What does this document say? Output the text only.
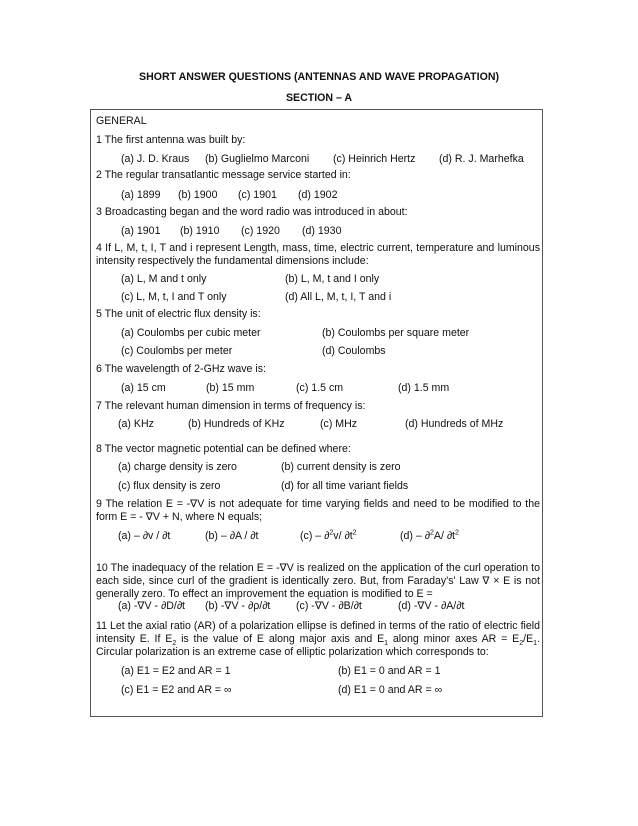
SHORT ANSWER QUESTIONS (ANTENNAS AND WAVE PROPAGATION)
SECTION – A
GENERAL
1 The first antenna was built by:
(a) J. D. Kraus (b) Guglielmo Marconi (c) Heinrich Hertz (d) R. J. Marhefka
2 The regular transatlantic message service started in:
(a) 1899 (b) 1900 (c) 1901 (d) 1902
3 Broadcasting began and the word radio was introduced in about:
(a) 1901 (b) 1910 (c) 1920 (d) 1930
4 If L, M, t, I, T and i represent Length, mass, time, electric current, temperature and luminous intensity respectively the fundamental dimensions include:
(a) L, M and t only	(b) L, M, t and I only
(c) L, M, t, I and T only	(d) All L, M, t, I, T and i
5 The unit of electric flux density is:
(a) Coulombs per cubic meter	(b) Coulombs per square meter
(c) Coulombs per meter	(d) Coulombs
6 The wavelength of 2-GHz wave is:
(a) 15 cm	(b) 15 mm	(c) 1.5 cm	(d) 1.5 mm
7 The relevant human dimension in terms of frequency is:
(a) KHz	(b) Hundreds of KHz	(c) MHz	(d) Hundreds of MHz
8 The vector magnetic potential can be defined where:
(a) charge density is zero	(b) current density is zero
(c) flux density is zero	(d) for all time variant fields
9 The relation E = -∇V is not adequate for time varying fields and need to be modified to the form E = - ∇V + N, where N equals;
(a) – ∂v / ∂t	(b) – ∂A / ∂t	(c) – ∂$^2$v/ $\partial t^2$	(d) – ∂$^2$A/ $\partial t^2$
10 The inadequacy of the relation E = -∇V is realized on the application of the curl operation to each side, since curl of the gradient is identically zero. But, from Faraday's' Law ∇ × E is not generally zero. To effect an improvement the equation is modified to E =
(a) -∇V - ∂D/∂t (b) -∇V - ∂ρ/∂t (c) -∇V - ∂B/∂t	(d) -∇V - ∂A/∂t
11 Let the axial ratio (AR) of a polarization ellipse is defined in terms of the ratio of electric field intensity E. If $E_2$ is the value of E along major axis and $E_1$ along minor axes AR = $E_2/E_1$. Circular polarization is an extreme case of elliptic polarization which corresponds to:
(a) E1 = E2 and AR = 1	(b) E1 = 0 and AR = 1
(c) E1 = E2 and AR = ∞	(d) E1 = 0 and AR = ∞
